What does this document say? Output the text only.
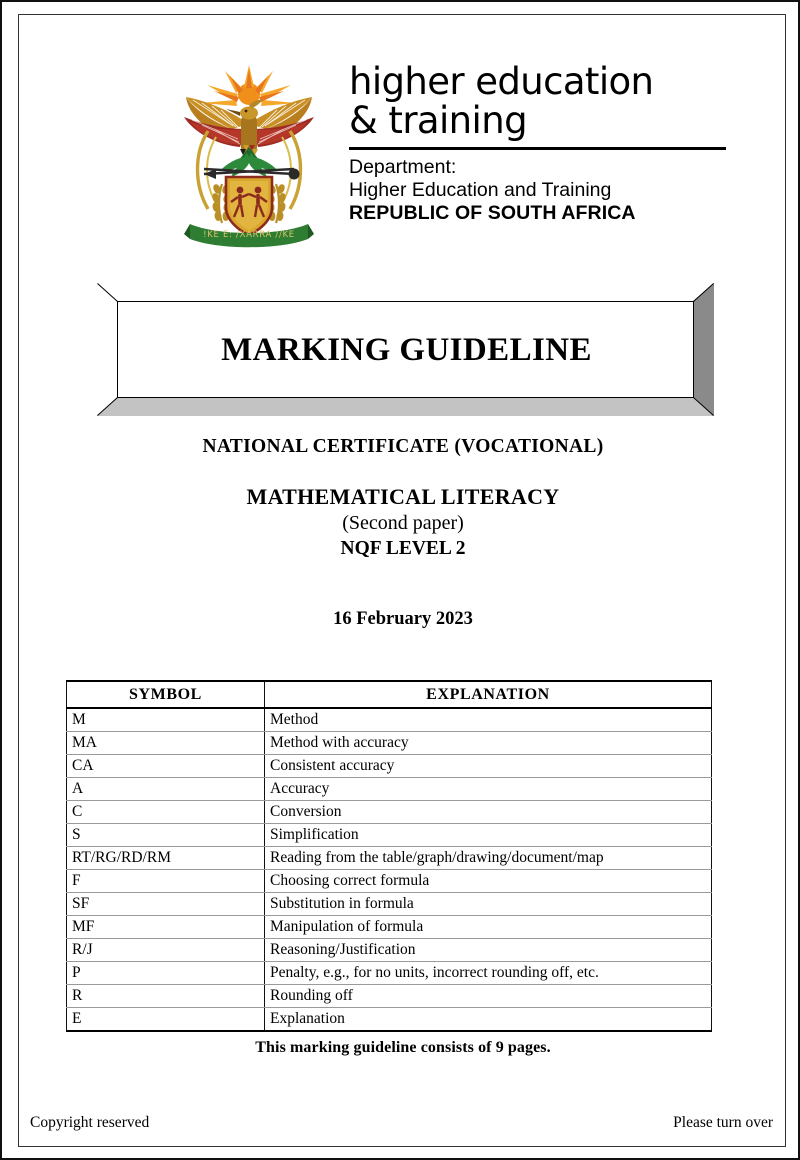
!KE E: /XARRA //KE
higher education
& training
Department:
Higher Education and Training
REPUBLIC OF SOUTH AFRICA
MARKING GUIDELINE
NATIONAL CERTIFICATE (VOCATIONAL)
MATHEMATICAL LITERACY
(Second paper)
NQF LEVEL 2
16 February 2023
SYMBOL	EXPLANATION
M	Method
MA	Method with accuracy
CA	Consistent accuracy
A	Accuracy
C	Conversion
S	Simplification
RT/RG/RD/RM	Reading from the table/graph/drawing/document/map
F	Choosing correct formula
SF	Substitution in formula
MF	Manipulation of formula
R/J	Reasoning/Justification
P	Penalty, e.g., for no units, incorrect rounding off, etc.
R	Rounding off
E	Explanation
This marking guideline consists of 9 pages.
Copyright reserved	Please turn over
